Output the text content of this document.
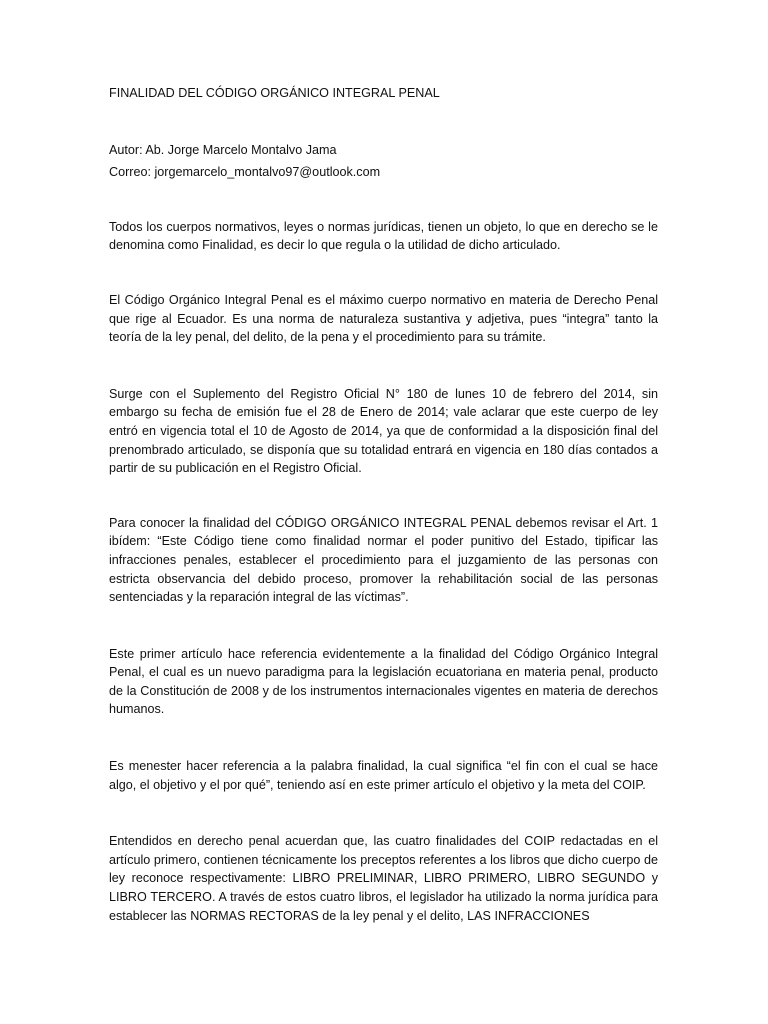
FINALIDAD DEL CÓDIGO ORGÁNICO INTEGRAL PENAL

Autor: Ab. Jorge Marcelo Montalvo Jama

Correo: jorgemarcelo_montalvo97@outlook.com

Todos los cuerpos normativos, leyes o normas jurídicas, tienen un objeto, lo que en derecho se le denomina como Finalidad, es decir lo que regula o la utilidad de dicho articulado.

El Código Orgánico Integral Penal es el máximo cuerpo normativo en materia de Derecho Penal que rige al Ecuador. Es una norma de naturaleza sustantiva y adjetiva, pues “integra” tanto la teoría de la ley penal, del delito, de la pena y el procedimiento para su trámite.

Surge con el Suplemento del Registro Oficial N° 180 de lunes 10 de febrero del 2014, sin embargo su fecha de emisión fue el 28 de Enero de 2014; vale aclarar que este cuerpo de ley entró en vigencia total el 10 de Agosto de 2014, ya que de conformidad a la disposición final del prenombrado articulado, se disponía que su totalidad entrará en vigencia en 180 días contados a partir de su publicación en el Registro Oficial.

Para conocer la finalidad del CÓDIGO ORGÁNICO INTEGRAL PENAL debemos revisar el Art. 1 ibídem: “Este Código tiene como finalidad normar el poder punitivo del Estado, tipificar las infracciones penales, establecer el procedimiento para el juzgamiento de las personas con estricta observancia del debido proceso, promover la rehabilitación social de las personas sentenciadas y la reparación integral de las víctimas”.

Este primer artículo hace referencia evidentemente a la finalidad del Código Orgánico Integral Penal, el cual es un nuevo paradigma para la legislación ecuatoriana en materia penal, producto de la Constitución de 2008 y de los instrumentos internacionales vigentes en materia de derechos humanos.

Es menester hacer referencia a la palabra finalidad, la cual significa “el fin con el cual se hace algo, el objetivo y el por qué”, teniendo así en este primer artículo el objetivo y la meta del COIP.

Entendidos en derecho penal acuerdan que, las cuatro finalidades del COIP redactadas en el artículo primero, contienen técnicamente los preceptos referentes a los libros que dicho cuerpo de ley reconoce respectivamente: LIBRO PRELIMINAR, LIBRO PRIMERO, LIBRO SEGUNDO y LIBRO TERCERO. A través de estos cuatro libros, el legislador ha utilizado la norma jurídica para establecer las NORMAS RECTORAS de la ley penal y el delito, LAS INFRACCIONES
